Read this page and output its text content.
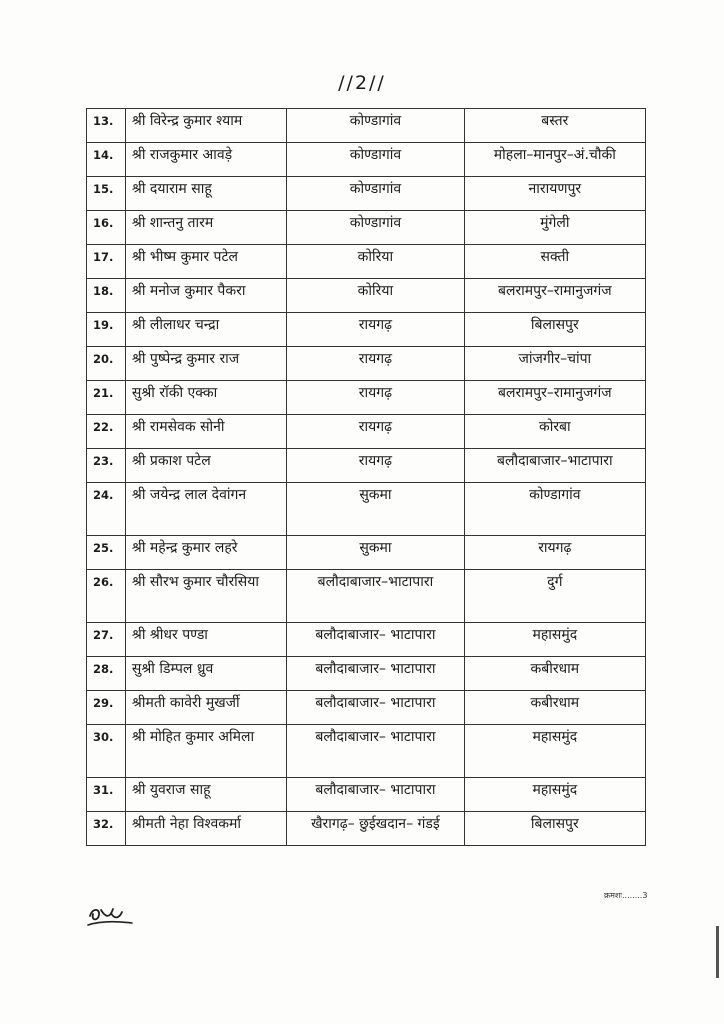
//2//
13.	श्री विरेन्द्र कुमार श्याम	कोण्डागांव	बस्तर
14.	श्री राजकुमार आवड़े	कोण्डागांव	मोहला–मानपुर–अं.चौकी
15.	श्री दयाराम साहू	कोण्डागांव	नारायणपुर
16.	श्री शान्तनु तारम	कोण्डागांव	मुंगेली
17.	श्री भीष्म कुमार पटेल	कोरिया	सक्ती
18.	श्री मनोज कुमार पैकरा	कोरिया	बलरामपुर–रामानुजगंज
19.	श्री लीलाधर चन्द्रा	रायगढ़	बिलासपुर
20.	श्री पुष्पेन्द्र कुमार राज	रायगढ़	जांजगीर–चांपा
21.	सुश्री रॉकी एक्का	रायगढ़	बलरामपुर–रामानुजगंज
22.	श्री रामसेवक सोनी	रायगढ़	कोरबा
23.	श्री प्रकाश पटेल	रायगढ़	बलौदाबाजार–भाटापारा
24.	श्री जयेन्द्र लाल देवांगन	सुकमा	कोण्डागांव
25.	श्री महेन्द्र कुमार लहरे	सुकमा	रायगढ़
26.	श्री सौरभ कुमार चौरसिया	बलौदाबाजार–भाटापारा	दुर्ग
27.	श्री श्रीधर पण्डा	बलौदाबाजार– भाटापारा	महासमुंद
28.	सुश्री डिम्पल ध्रुव	बलौदाबाजार– भाटापारा	कबीरधाम
29.	श्रीमती कावेरी मुखर्जी	बलौदाबाजार– भाटापारा	कबीरधाम
30.	श्री मोहित कुमार अमिला	बलौदाबाजार– भाटापारा	महासमुंद
31.	श्री युवराज साहू	बलौदाबाजार– भाटापारा	महासमुंद
32.	श्रीमती नेहा विश्वकर्मा	खैरागढ़– छुईखदान– गंडई	बिलासपुर
क्रमशः........3
